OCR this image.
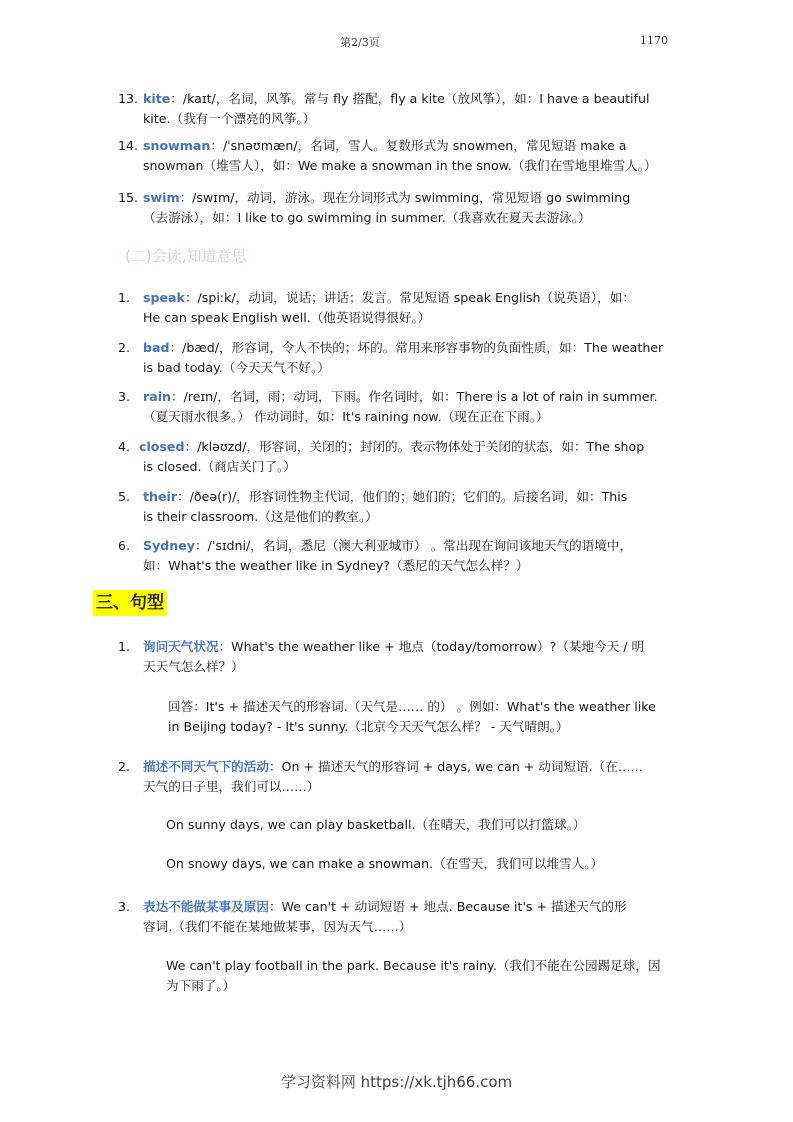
第2/3页	1170
13. kite：/kaɪt/，名词，风筝。常与 fly 搭配，fly a kite（放风筝），如：I have a beautiful
kite.（我有一个漂亮的风筝。）
14. snowman：/ˈsnəʊmæn/，名词，雪人。复数形式为 snowmen，常见短语 make a
snowman（堆雪人），如：We make a snowman in the snow.（我们在雪地里堆雪人。）
15. swim：/swɪm/，动词，游泳。现在分词形式为 swimming，常见短语 go swimming
（去游泳），如：I like to go swimming in summer.（我喜欢在夏天去游泳。）
(二)会读,知道意思
1. speak：/spiːk/，动词，说话；讲话；发言。常见短语 speak English（说英语），如：
He can speak English well.（他英语说得很好。）
2. bad：/bæd/，形容词，令人不快的；坏的。常用来形容事物的负面性质，如：The weather
is bad today.（今天天气不好。）
3. rain：/reɪn/，名词，雨；动词，下雨。作名词时，如：There is a lot of rain in summer.
（夏天雨水很多。） 作动词时，如：It's raining now.（现在正在下雨。）
4. closed：/kləʊzd/，形容词，关闭的；封闭的。表示物体处于关闭的状态，如：The shop
is closed.（商店关门了。）
5. their：/ðeə(r)/，形容词性物主代词，他们的；她们的；它们的。后接名词，如：This
is their classroom.（这是他们的教室。）
6. Sydney：/ˈsɪdni/，名词，悉尼（澳大利亚城市） 。常出现在询问该地天气的语境中，
如：What's the weather like in Sydney?（悉尼的天气怎么样？）
三、句型
1. 询问天气状况：What's the weather like + 地点（today/tomorrow）?（某地今天 / 明
天天气怎么样？）
回答：It's + 描述天气的形容词.（天气是…… 的） 。例如：What's the weather like
in Beijing today? - It's sunny.（北京今天天气怎么样？ - 天气晴朗。）
2. 描述不同天气下的活动：On + 描述天气的形容词 + days, we can + 动词短语.（在……
天气的日子里，我们可以……）
On sunny days, we can play basketball.（在晴天，我们可以打篮球。）
On snowy days, we can make a snowman.（在雪天，我们可以堆雪人。）
3. 表达不能做某事及原因：We can't + 动词短语 + 地点. Because it's + 描述天气的形
容词.（我们不能在某地做某事，因为天气……）
We can't play football in the park. Because it's rainy.（我们不能在公园踢足球，因
为下雨了。）
学习资料网 https://xk.tjh66.com
